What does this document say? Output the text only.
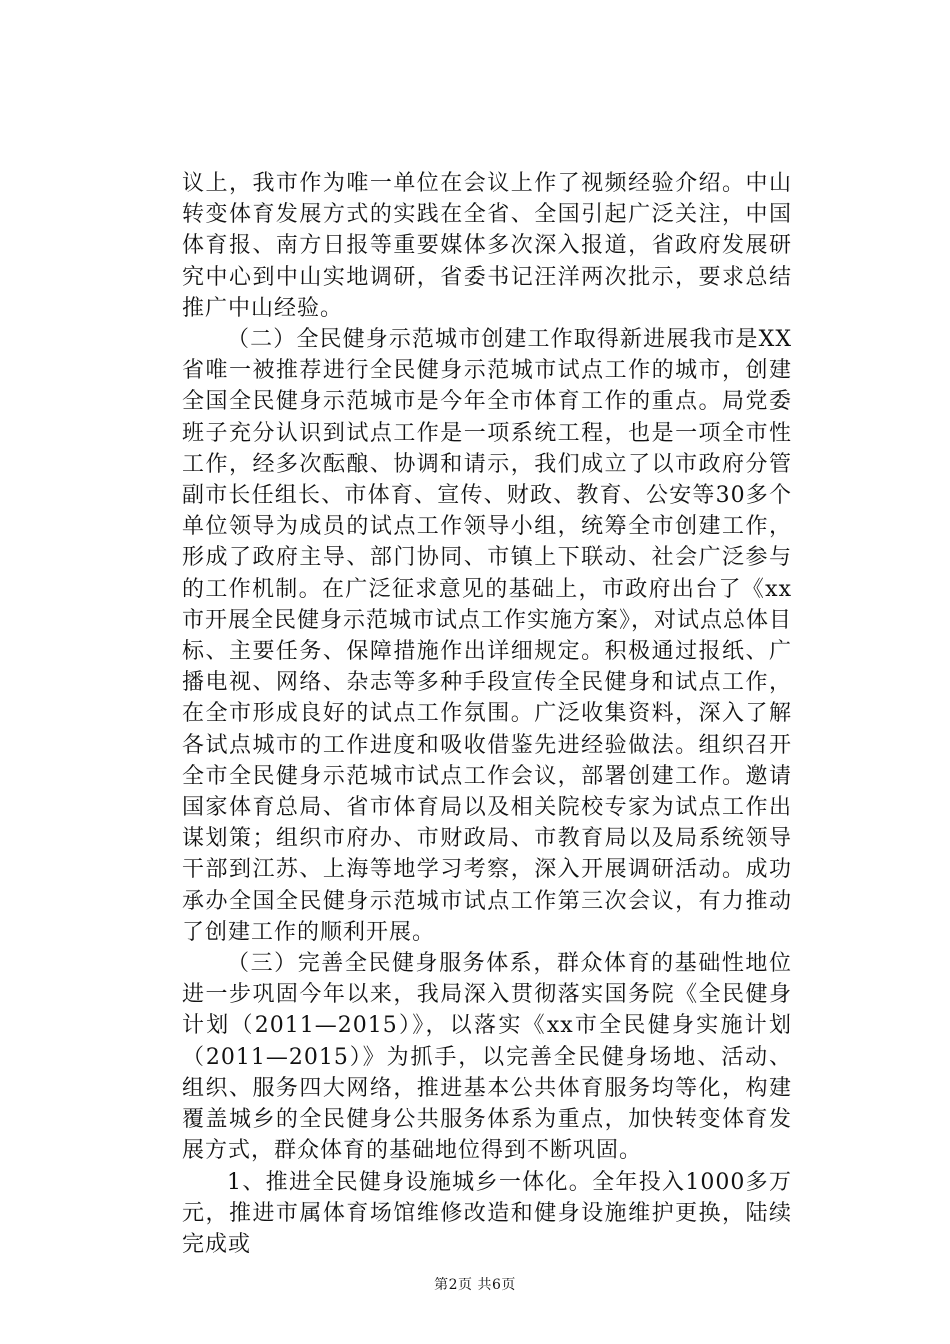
议上，我市作为唯一单位在会议上作了视频经验介绍。中山转变体育发展方式的实践在全省、全国引起广泛关注，中国体育报、南方日报等重要媒体多次深入报道，省政府发展研究中心到中山实地调研，省委书记汪洋两次批示，要求总结推广中山经验。

（二）全民健身示范城市创建工作取得新进展我市是XX省唯一被推荐进行全民健身示范城市试点工作的城市，创建全国全民健身示范城市是今年全市体育工作的重点。局党委班子充分认识到试点工作是一项系统工程，也是一项全市性工作，经多次酝酿、协调和请示，我们成立了以市政府分管副市长任组长、市体育、宣传、财政、教育、公安等30多个单位领导为成员的试点工作领导小组，统筹全市创建工作，形成了政府主导、部门协同、市镇上下联动、社会广泛参与的工作机制。在广泛征求意见的基础上，市政府出台了《xx市开展全民健身示范城市试点工作实施方案》，对试点总体目标、主要任务、保障措施作出详细规定。积极通过报纸、广播电视、网络、杂志等多种手段宣传全民健身和试点工作，在全市形成良好的试点工作氛围。广泛收集资料，深入了解各试点城市的工作进度和吸收借鉴先进经验做法。组织召开全市全民健身示范城市试点工作会议，部署创建工作。邀请国家体育总局、省市体育局以及相关院校专家为试点工作出谋划策；组织市府办、市财政局、市教育局以及局系统领导干部到江苏、上海等地学习考察，深入开展调研活动。成功承办全国全民健身示范城市试点工作第三次会议，有力推动了创建工作的顺利开展。

（三）完善全民健身服务体系，群众体育的基础性地位进一步巩固今年以来，我局深入贯彻落实国务院《全民健身计划（2011—2015）》，以落实《xx市全民健身实施计划（2011—2015）》为抓手，以完善全民健身场地、活动、组织、服务四大网络，推进基本公共体育服务均等化，构建覆盖城乡的全民健身公共服务体系为重点，加快转变体育发展方式，群众体育的基础地位得到不断巩固。

1、推进全民健身设施城乡一体化。全年投入1000多万元，推进市属体育场馆维修改造和健身设施维护更换，陆续完成或

第2页 共6页
